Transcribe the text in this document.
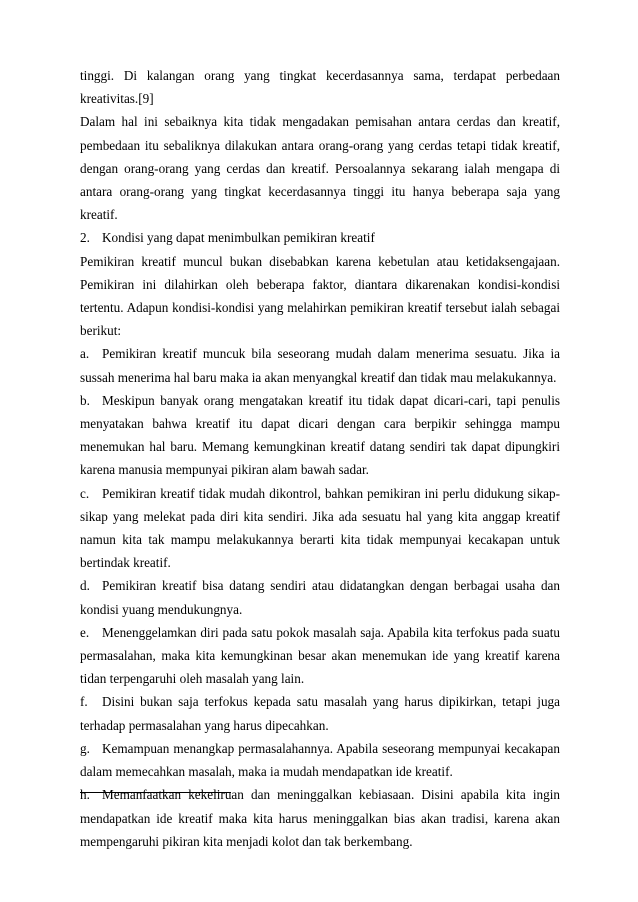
tinggi. Di kalangan orang yang tingkat kecerdasannya sama, terdapat perbedaan kreativitas.[9]

Dalam hal ini sebaiknya kita tidak mengadakan pemisahan antara cerdas dan kreatif, pembedaan itu sebaliknya dilakukan antara orang-orang yang cerdas tetapi tidak kreatif, dengan orang-orang yang cerdas dan kreatif. Persoalannya sekarang ialah mengapa di antara orang-orang yang tingkat kecerdasannya tinggi itu hanya beberapa saja yang kreatif.

2. Kondisi yang dapat menimbulkan pemikiran kreatif

Pemikiran kreatif muncul bukan disebabkan karena kebetulan atau ketidaksengajaan. Pemikiran ini dilahirkan oleh beberapa faktor, diantara dikarenakan kondisi-kondisi tertentu. Adapun kondisi-kondisi yang melahirkan pemikiran kreatif tersebut ialah sebagai berikut:

a. Pemikiran kreatif muncuk bila seseorang mudah dalam menerima sesuatu. Jika ia sussah menerima hal baru maka ia akan menyangkal kreatif dan tidak mau melakukannya.

b. Meskipun banyak orang mengatakan kreatif itu tidak dapat dicari-cari, tapi penulis menyatakan bahwa kreatif itu dapat dicari dengan cara berpikir sehingga mampu menemukan hal baru. Memang kemungkinan kreatif datang sendiri tak dapat dipungkiri karena manusia mempunyai pikiran alam bawah sadar.

c. Pemikiran kreatif tidak mudah dikontrol, bahkan pemikiran ini perlu didukung sikap-sikap yang melekat pada diri kita sendiri. Jika ada sesuatu hal yang kita anggap kreatif namun kita tak mampu melakukannya berarti kita tidak mempunyai kecakapan untuk bertindak kreatif.

d. Pemikiran kreatif bisa datang sendiri atau didatangkan dengan berbagai usaha dan kondisi yuang mendukungnya.

e. Menenggelamkan diri pada satu pokok masalah saja. Apabila kita terfokus pada suatu permasalahan, maka kita kemungkinan besar akan menemukan ide yang kreatif karena tidan terpengaruhi oleh masalah yang lain.

f. Disini bukan saja terfokus kepada satu masalah yang harus dipikirkan, tetapi juga terhadap permasalahan yang harus dipecahkan.

g. Kemampuan menangkap permasalahannya. Apabila seseorang mempunyai kecakapan dalam memecahkan masalah, maka ia mudah mendapatkan ide kreatif.

h. Memanfaatkan kekeliruan dan meninggalkan kebiasaan. Disini apabila kita ingin mendapatkan ide kreatif maka kita harus meninggalkan bias akan tradisi, karena akan mempengaruhi pikiran kita menjadi kolot dan tak berkembang.
